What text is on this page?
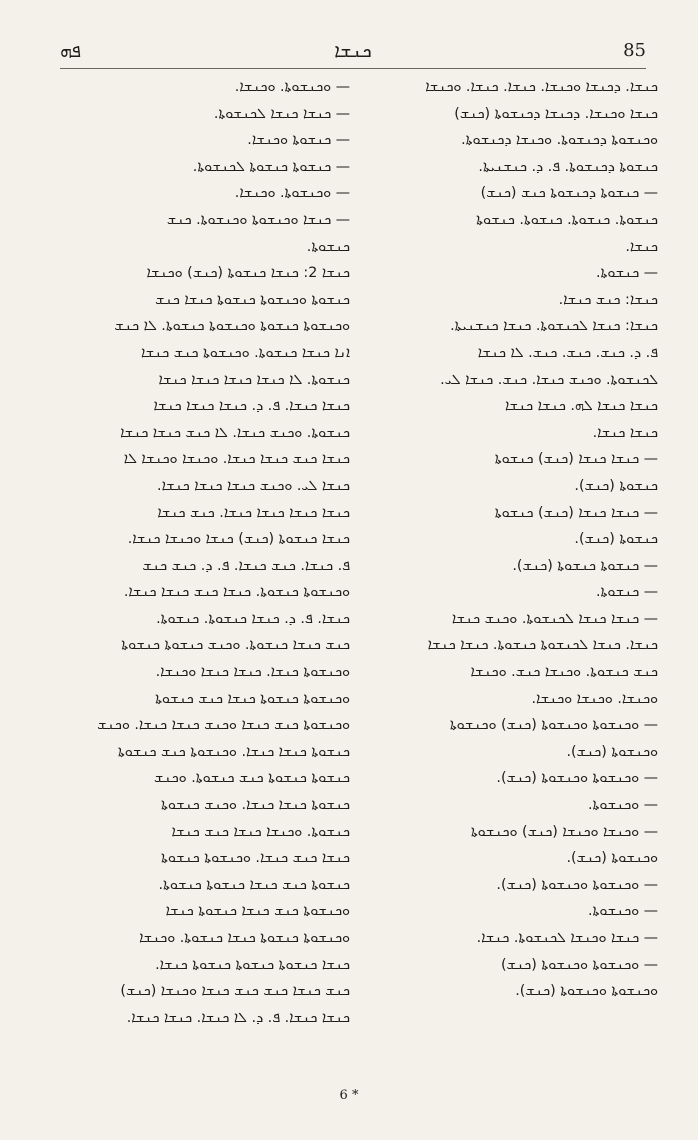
ܦܗ	ܟܢܫܐ	85

ܟܢܫܐ. ܕܟܢܫܐ ܘܟܢܫܐ. ܟܢܫܐ. ܟܢܫܐ. ܘܟܢܫܐ

ܟܢܫܐ ܘܟܢܫܐ. ܕܟܢܫܐ ܕܟܢܫܘܬܐ (ܟܢܫ)

ܘܟܢܫܘܬܐ ܕܟܢܫܘܬܐ. ܘܟܢܫܐ ܕܟܢܫܘܬܐ.

ܟܢܫܘܬܐ ܕܟܢܫܘܬܐ. ܦ. ܕ. ܟܢܫܢܝܬܐ.

— ܟܢܫܘܬܐ ܕܟܢܫܘܬܐ ܟܢܫ (ܟܢܫ)

ܟܢܫܘܬܐ. ܟܢܫܘܬܐ. ܟܢܫܘܬܐ. ܟܢܫܘܬܐ

ܟܢܫܐ.

— ܟܢܫܘܬܐ.

ܟܢܫܐ: ܟܢܫ ܟܢܫܐ.

ܟܢܫܐ: ܟܢܫܐ ܠܟܢܫܘܬܐ. ܟܢܫܐ ܟܢܫܢܝܬܐ.

ܦ. ܕ. ܟܢܫ. ܟܢܫ. ܟܢܫ. ܠܐ ܟܢܫܐ

ܠܟܢܫܘܬܐ. ܘܟܢܫ ܟܢܫܐ. ܟܢܫ. ܟܢܫܐ ܠܝ.

ܟܢܫܐ ܟܢܫܐ ܠܗ. ܟܢܫܐ ܟܢܫܐ

ܟܢܫܐ ܟܢܫܐ.

— ܟܢܫܐ ܟܢܫܐ (ܟܢܫ) ܟܢܫܘܬܐ

ܟܢܫܘܬܐ (ܟܢܫ).

— ܟܢܫܐ ܟܢܫܐ (ܟܢܫ) ܟܢܫܘܬܐ

ܟܢܫܘܬܐ (ܟܢܫ).

— ܟܢܫܘܬܐ ܟܢܫܘܬܐ (ܟܢܫ).

— ܟܢܫܘܬܐ.

— ܟܢܫܐ ܟܢܫܐ ܠܟܢܫܘܬܐ. ܘܟܢܫ ܟܢܫܐ

ܟܢܫܐ. ܟܢܫܐ ܠܟܢܫܘܬܐ ܟܢܫܘܬܐ. ܟܢܫܐ ܟܢܫܐ

ܟܢܫ ܟܢܫܘܬܐ. ܘܟܢܫܐ ܟܢܫ. ܘܟܢܫܐ

ܘܟܢܫܐ. ܘܟܢܫܐ ܘܟܢܫܐ.

— ܘܟܢܫܘܬܐ ܘܟܢܫܘܬܐ (ܟܢܫ) ܘܟܢܫܘܬܐ

ܘܟܢܫܘܬܐ (ܟܢܫ).

— ܘܟܢܫܘܬܐ ܘܟܢܫܘܬܐ (ܟܢܫ).

— ܘܟܢܫܘܬܐ.

— ܘܟܢܫܐ ܘܟܢܫܐ (ܟܢܫ) ܘܟܢܫܘܬܐ

ܘܟܢܫܘܬܐ (ܟܢܫ).

— ܘܟܢܫܘܬܐ ܘܟܢܫܘܬܐ (ܟܢܫ).

— ܘܟܢܫܘܬܐ.

— ܟܢܫܐ ܘܟܢܫܐ ܠܟܢܫܘܬܐ. ܟܢܫܐ.

— ܘܟܢܫܘܬܐ ܘܟܢܫܘܬܐ (ܟܢܫ)

ܘܟܢܫܘܬܐ ܘܟܢܫܘܬܐ (ܟܢܫ).

— ܘܟܢܫܘܬܐ. ܘܟܢܫܐ.

— ܟܢܫܐ ܟܢܫܐ ܠܟܢܫܘܬܐ.

— ܟܢܫܘܬܐ ܘܟܢܫܐ.

— ܟܢܫܘܬܐ ܟܢܫܘܬܐ ܠܟܢܫܘܬܐ.

— ܘܟܢܫܘܬܐ. ܘܟܢܫܐ.

— ܟܢܫܐ ܘܟܢܫܘܬܐ ܘܟܢܫܘܬܐ. ܟܢܫ

ܟܢܫܘܬܐ.

ܟܢܫܐ 2: ܟܢܫܐ ܟܢܫܘܬܐ (ܟܢܫ) ܘܟܢܫܐ

ܟܢܫܘܬܐ ܘܟܢܫܘܬܐ ܟܢܫܘܬܐ ܟܢܫܐ ܟܢܫ

ܘܟܢܫܘܬܐ ܟܢܫܘܬܐ ܘܟܢܫܘܬܐ ܟܢܫܘܬܐ. ܠܐ ܟܢܫ

ܐܢܐ ܟܢܫܐ ܟܢܫܘܬܐ. ܘܟܢܫܘܬܐ ܟܢܫ ܟܢܫܐ

ܟܢܫܘܬܐ. ܠܐ ܟܢܫܐ ܟܢܫܐ ܟܢܫܐ ܟܢܫܐ

ܟܢܫܐ ܟܢܫܐ. ܦ. ܕ. ܟܢܫܐ ܟܢܫܐ ܟܢܫܐ

ܟܢܫܘܬܐ. ܘܟܢܫ ܟܢܫܐ. ܠܐ ܟܢܫ ܟܢܫܐ ܟܢܫܐ

ܟܢܫܐ ܟܢܫ ܟܢܫܐ ܟܢܫܐ. ܘܟܢܫܐ ܘܟܢܫܐ ܠܐ

ܟܢܫܐ ܠܝ. ܘܟܢܫ ܟܢܫܐ ܟܢܫܐ ܟܢܫܐ.

ܟܢܫܐ ܟܢܫܐ ܟܢܫܐ ܟܢܫܐ. ܟܢܫ ܟܢܫܐ

ܟܢܫܐ ܟܢܫܘܬܐ (ܟܢܫ) ܟܢܫܐ ܘܟܢܫܐ ܟܢܫܐ.

ܦ. ܟܢܫܐ. ܟܢܫ ܟܢܫܐ. ܦ. ܕ. ܟܢܫ ܟܢܫ

ܘܟܢܫܘܬܐ ܟܢܫܘܬܐ. ܟܢܫܐ ܟܢܫ ܟܢܫܐ ܟܢܫܐ.

ܟܢܫܐ. ܦ. ܕ. ܟܢܫܐ ܟܢܫܘܬܐ. ܟܢܫܘܬܐ.

ܟܢܫ ܟܢܫܐ ܟܢܫܘܬܐ. ܘܟܢܫ ܟܢܫܘܬܐ ܟܢܫܘܬܐ

ܘܟܢܫܘܬܐ ܟܢܫܐ. ܟܢܫܐ ܟܢܫܐ ܘܟܢܫܐ.

ܘܟܢܫܘܬܐ ܟܢܫܘܬܐ ܟܢܫܐ ܟܢܫ ܟܢܫܘܬܐ

ܘܟܢܫܘܬܐ ܟܢܫ ܟܢܫܐ ܘܟܢܫ ܟܢܫܐ ܟܢܫܐ. ܘܟܢܫ

ܟܢܫܘܬܐ ܟܢܫܐ ܟܢܫܐ. ܘܟܢܫܘܬܐ ܟܢܫ ܟܢܫܘܬܐ

ܟܢܫܘܬܐ ܟܢܫܘܬܐ ܟܢܫ ܟܢܫܘܬܐ. ܘܟܢܫ

ܟܢܫܘܬܐ ܟܢܫܐ ܟܢܫܐ. ܘܟܢܫ ܟܢܫܘܬܐ

ܟܢܫܘܬܐ. ܘܟܢܫܐ ܟܢܫܐ ܟܢܫ ܟܢܫܐ

ܟܢܫܐ ܟܢܫ ܟܢܫܐ. ܘܟܢܫܘܬܐ ܟܢܫܘܬܐ

ܟܢܫܘܬܐ ܟܢܫ ܟܢܫܐ ܟܢܫܘܬܐ ܟܢܫܘܬܐ.

ܘܟܢܫܘܬܐ ܟܢܫ ܟܢܫܐ ܟܢܫܘܬܐ ܟܢܫܐ

ܘܟܢܫܘܬܐ ܟܢܫܘܬܐ ܟܢܫܐ ܟܢܫܘܬܐ. ܘܟܢܫܐ

ܟܢܫܐ ܟܢܫܘܬܐ ܟܢܫܘܬܐ ܟܢܫܘܬܐ ܟܢܫܐ.

ܟܢܫ ܟܢܫܐ ܟܢܫ ܟܢܫ ܟܢܫܐ ܘܟܢܫܐ (ܟܢܫ)

ܟܢܫܐ ܟܢܫܐ. ܦ. ܕ. ܠܐ ܟܢܫܐ. ܟܢܫܐ ܟܢܫܐ.

6 *
